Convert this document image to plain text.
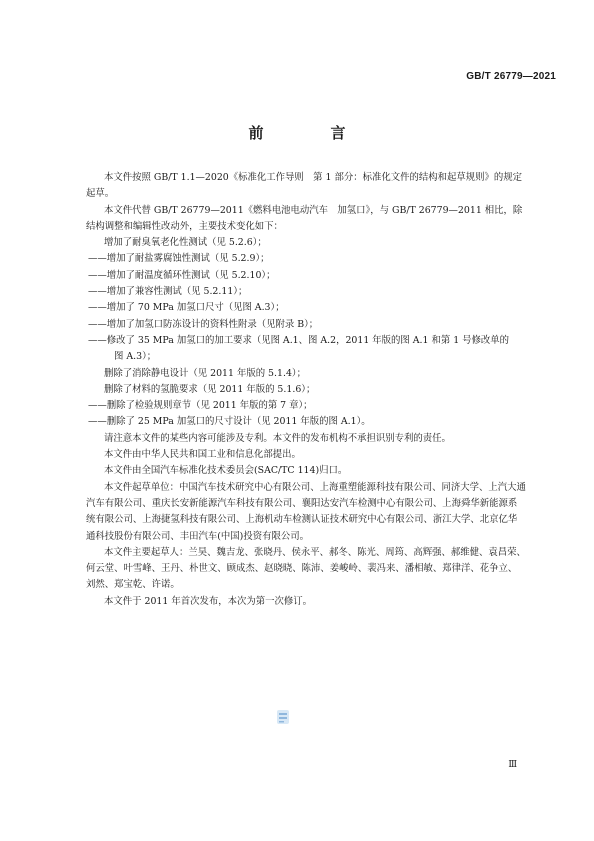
GB/T 26779—2021
前　言

本文件按照 GB/T 1.1—2020《标准化工作导则　第 1 部分：标准化文件的结构和起草规则》的规定起草。

本文件代替 GB/T 26779—2011《燃料电池电动汽车　加氢口》，与 GB/T 26779—2011 相比，除结构调整和编辑性改动外，主要技术变化如下：

增加了耐臭氧老化性测试（见 5.2.6）；

——增加了耐盐雾腐蚀性测试（见 5.2.9）；

——增加了耐温度循环性测试（见 5.2.10）；

——增加了兼容性测试（见 5.2.11）；

——增加了 70 MPa 加氢口尺寸（见图 A.3）；

——增加了加氢口防冻设计的资料性附录（见附录 B）；

——修改了 35 MPa 加氢口的加工要求（见图 A.1、图 A.2，2011 年版的图 A.1 和第 1 号修改单的

图 A.3）；

删除了消除静电设计（见 2011 年版的 5.1.4）；

删除了材料的氢脆要求（见 2011 年版的 5.1.6）；

——删除了检验规则章节（见 2011 年版的第 7 章）；

——删除了 25 MPa 加氢口的尺寸设计（见 2011 年版的图 A.1）。

请注意本文件的某些内容可能涉及专利。本文件的发布机构不承担识别专利的责任。

本文件由中华人民共和国工业和信息化部提出。

本文件由全国汽车标准化技术委员会(SAC/TC 114)归口。

本文件起草单位：中国汽车技术研究中心有限公司、上海重塑能源科技有限公司、同济大学、上汽大通汽车有限公司、重庆长安新能源汽车科技有限公司、襄阳达安汽车检测中心有限公司、上海舜华新能源系统有限公司、上海捷氢科技有限公司、上海机动车检测认证技术研究中心有限公司、浙江大学、北京亿华通科技股份有限公司、丰田汽车(中国)投资有限公司。

本文件主要起草人：兰昊、魏吉龙、张晓丹、侯永平、郝冬、陈光、周筠、高辉强、郝维健、袁昌荣、何云堂、叶雪峰、王丹、朴世文、顾成杰、赵晓晓、陈沛、姜峻岭、裴冯来、潘相敏、郑律洋、花争立、刘然、郑宝乾、许诺。

本文件于 2011 年首次发布，本次为第一次修订。

Ⅲ
